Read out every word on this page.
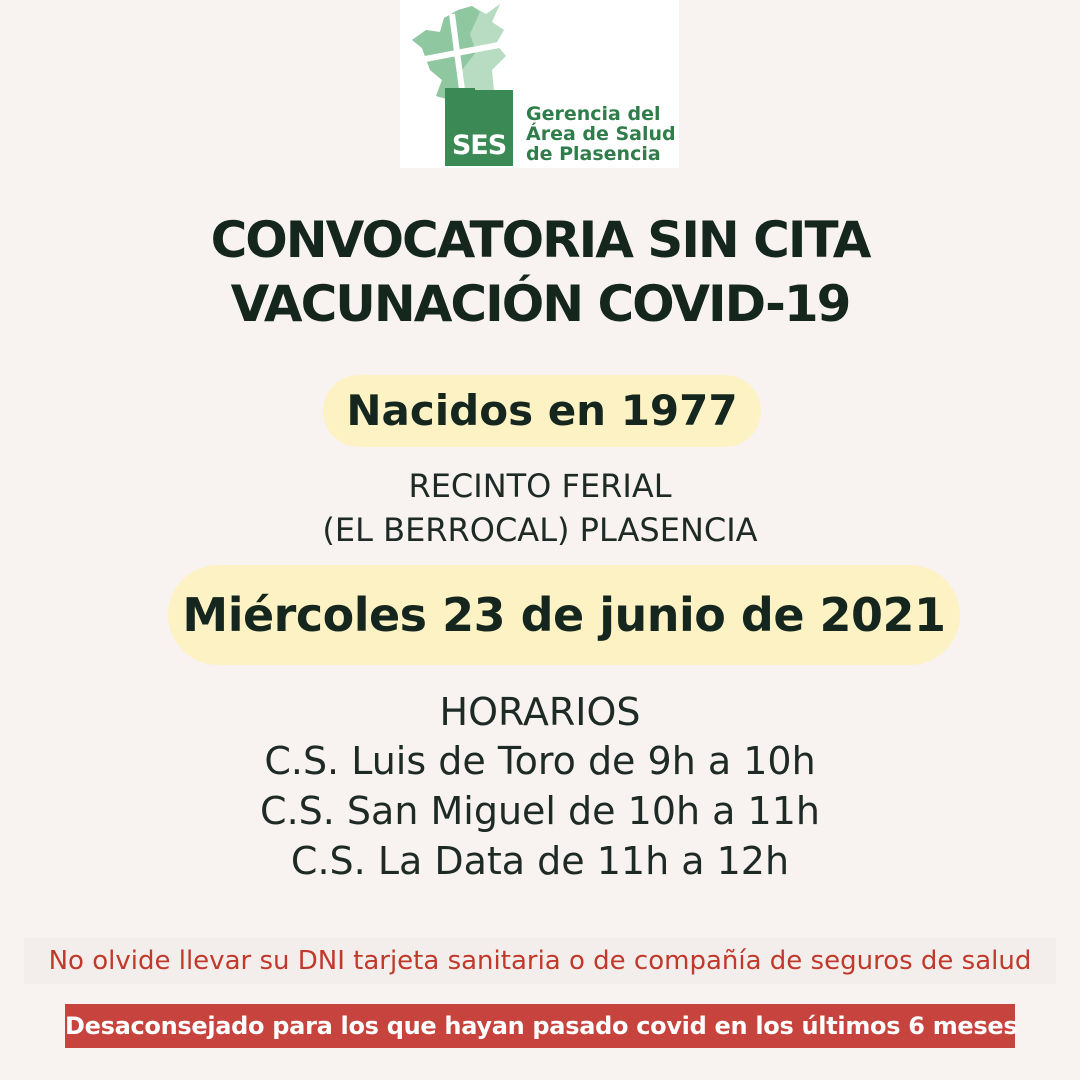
Gerencia del
Área de Salud
de Plasencia
SES
CONVOCATORIA SIN CITA
VACUNACIÓN COVID-19
Nacidos en 1977
RECINTO FERIAL
(EL BERROCAL) PLASENCIA
Miércoles 23 de junio de 2021
HORARIOS
C.S. Luis de Toro de 9h a 10h
C.S. San Miguel de 10h a 11h
C.S. La Data de 11h a 12h
No olvide llevar su DNI tarjeta sanitaria o de compañía de seguros de salud
Desaconsejado para los que hayan pasado covid en los últimos 6 meses
